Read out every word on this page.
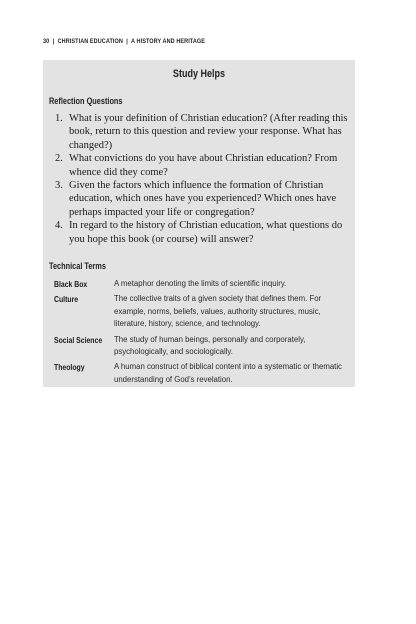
30 | CHRISTIAN EDUCATION | A HISTORY AND HERITAGE
Study Helps
Reflection Questions
1. What is your definition of Christian education? (After reading this book, return to this question and review your response. What has changed?)
2. What convictions do you have about Christian education? From whence did they come?
3. Given the factors which influence the formation of Christian education, which ones have you experienced? Which ones have perhaps impacted your life or congregation?
4. In regard to the history of Christian education, what questions do you hope this book (or course) will answer?
Technical Terms
Black Box	A metaphor denoting the limits of scientific inquiry.
Culture	The collective traits of a given society that defines them. For example, norms, beliefs, values, authority structures, music, literature, history, science, and technology.
Social Science	The study of human beings, personally and corporately, psychologically, and sociologically.
Theology	A human construct of biblical content into a systematic or thematic understanding of God’s revelation.
